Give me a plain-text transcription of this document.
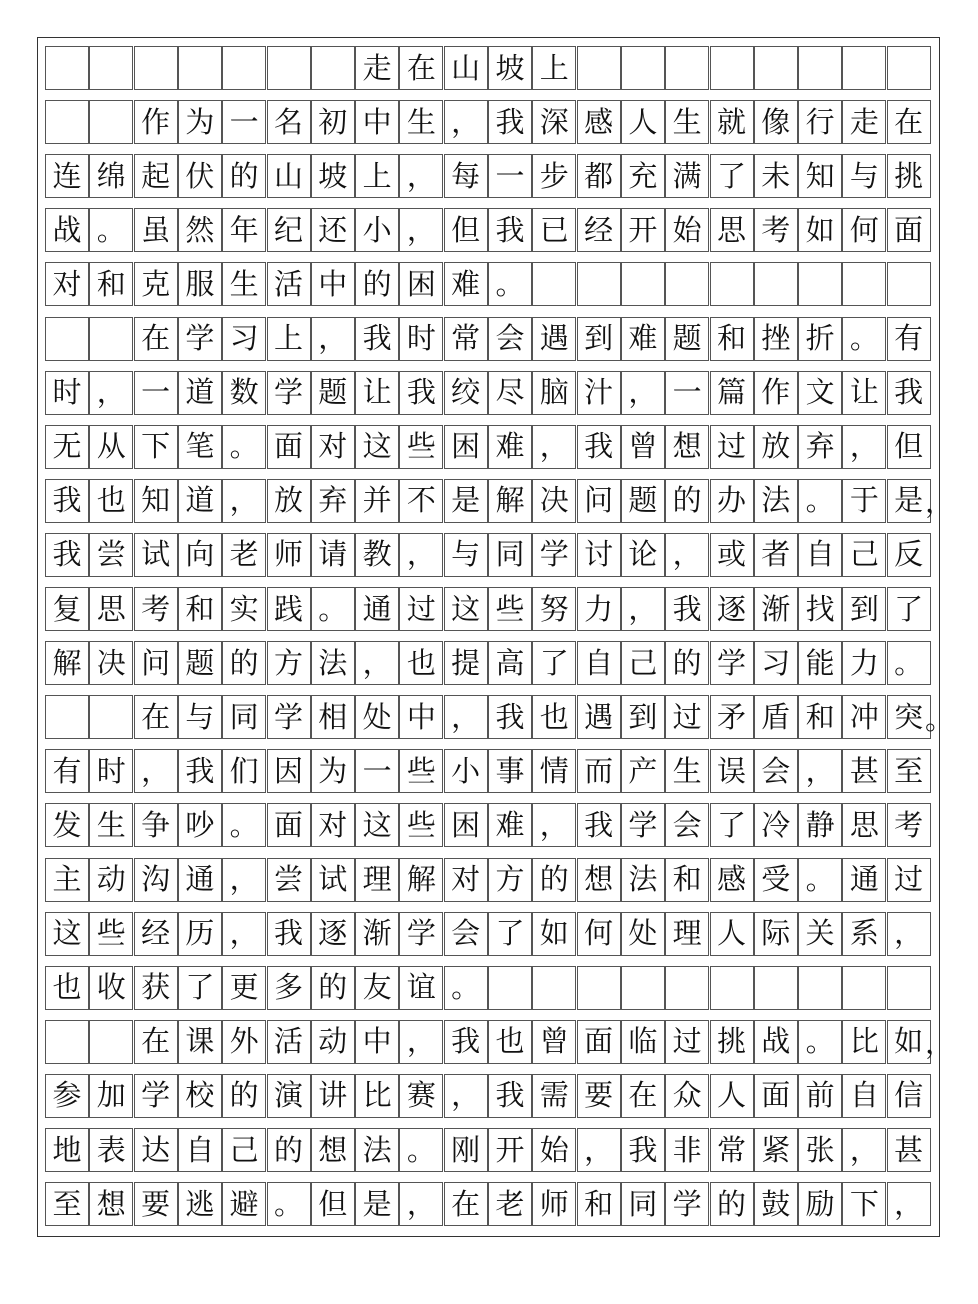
走 在 山 坡 上
作 为 一 名 初 中 生 ， 我 深 感 人 生 就 像 行 走 在
连 绵 起 伏 的 山 坡 上 ， 每 一 步 都 充 满 了 未 知 与 挑
战 。 虽 然 年 纪 还 小 ， 但 我 已 经 开 始 思 考 如 何 面
对 和 克 服 生 活 中 的 困 难 。
在 学 习 上 ， 我 时 常 会 遇 到 难 题 和 挫 折 。 有
时 ， 一 道 数 学 题 让 我 绞 尽 脑 汁 ， 一 篇 作 文 让 我
无 从 下 笔 。 面 对 这 些 困 难 ， 我 曾 想 过 放 弃 ， 但
我 也 知 道 ， 放 弃 并 不 是 解 决 问 题 的 办 法 。 于 是 ，
我 尝 试 向 老 师 请 教 ， 与 同 学 讨 论 ， 或 者 自 己 反
复 思 考 和 实 践 。 通 过 这 些 努 力 ， 我 逐 渐 找 到 了
解 决 问 题 的 方 法 ， 也 提 高 了 自 己 的 学 习 能 力 。
在 与 同 学 相 处 中 ， 我 也 遇 到 过 矛 盾 和 冲 突 。
有 时 ， 我 们 因 为 一 些 小 事 情 而 产 生 误 会 ， 甚 至
发 生 争 吵 。 面 对 这 些 困 难 ， 我 学 会 了 冷 静 思 考
主 动 沟 通 ， 尝 试 理 解 对 方 的 想 法 和 感 受 。 通 过
这 些 经 历 ， 我 逐 渐 学 会 了 如 何 处 理 人 际 关 系 ，
也 收 获 了 更 多 的 友 谊 。
在 课 外 活 动 中 ， 我 也 曾 面 临 过 挑 战 。 比 如 ，
参 加 学 校 的 演 讲 比 赛 ， 我 需 要 在 众 人 面 前 自 信
地 表 达 自 己 的 想 法 。 刚 开 始 ， 我 非 常 紧 张 ， 甚
至 想 要 逃 避 。 但 是 ， 在 老 师 和 同 学 的 鼓 励 下 ，
